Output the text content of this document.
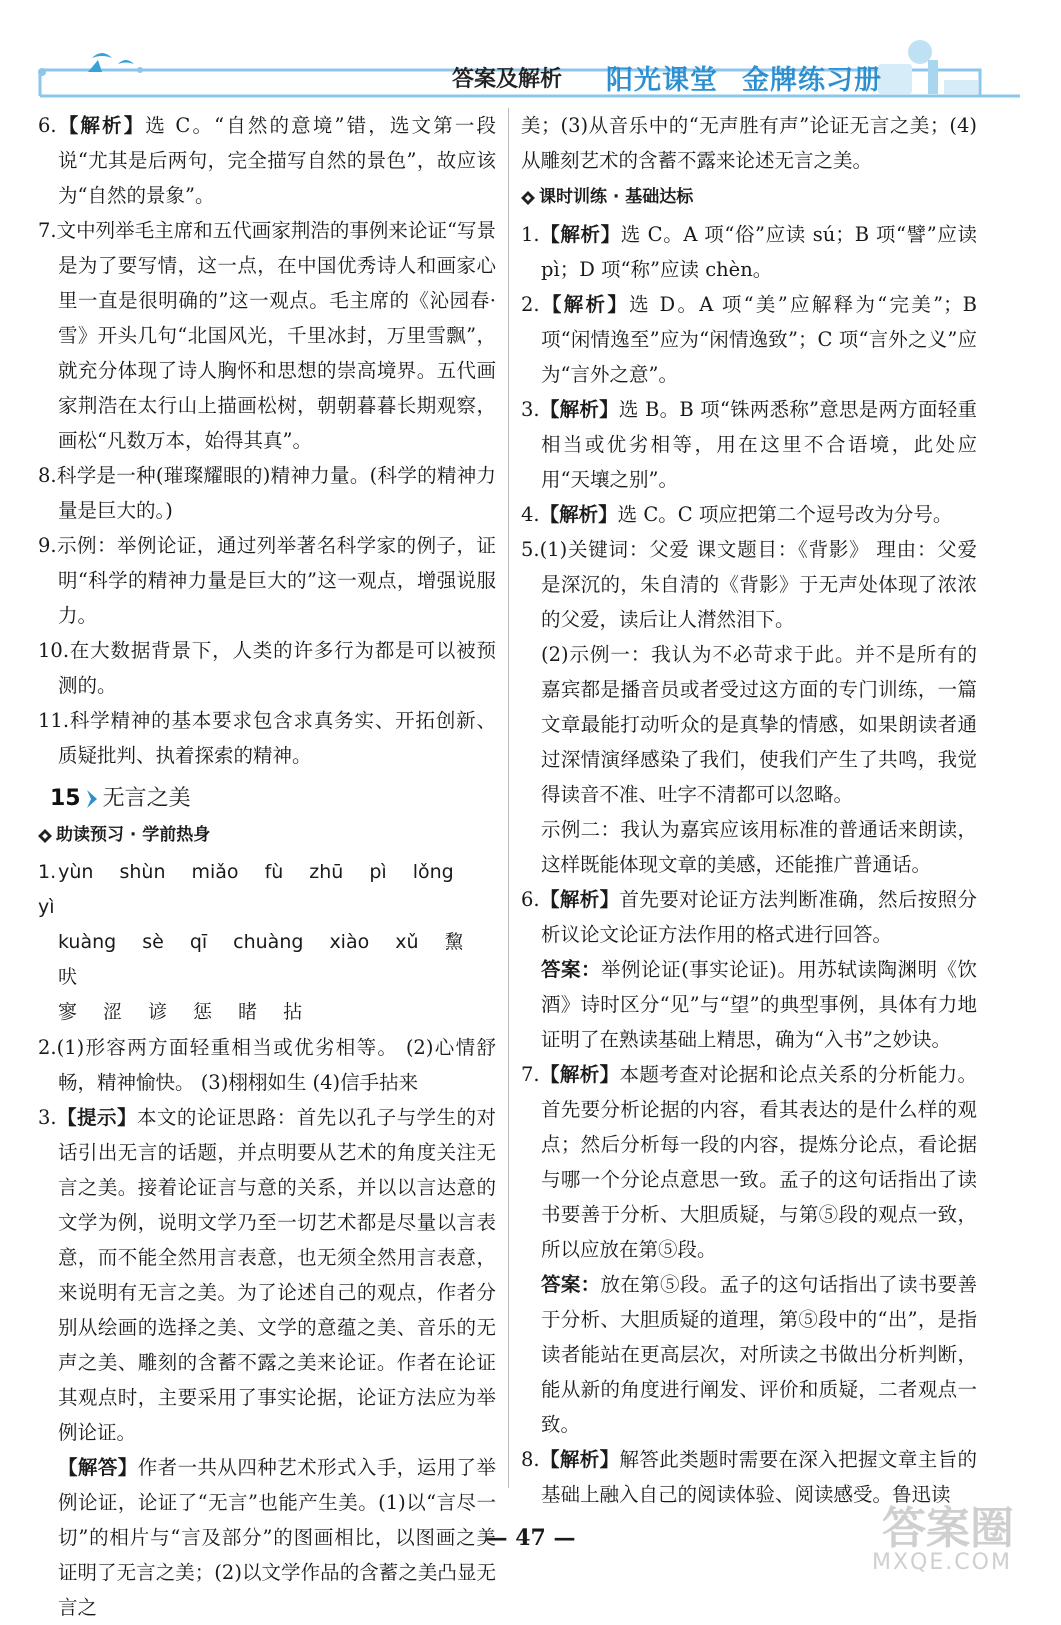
答案及解析 阳光课堂 金牌练习册

6.【解析】选 C。“自然的意境”错，选文第一段说“尤其是后两句，完全描写自然的景色”，故应该为“自然的景象”。

7.文中列举毛主席和五代画家荆浩的事例来论证“写景是为了要写情，这一点，在中国优秀诗人和画家心里一直是很明确的”这一观点。毛主席的《沁园春·雪》开头几句“北国风光，千里冰封，万里雪飘”，就充分体现了诗人胸怀和思想的崇高境界。五代画家荆浩在太行山上描画松树，朝朝暮暮长期观察，画松“凡数万本，始得其真”。

8.科学是一种(璀璨耀眼的)精神力量。(科学的精神力量是巨大的。)

9.示例：举例论证，通过列举著名科学家的例子，证明“科学的精神力量是巨大的”这一观点，增强说服力。

10.在大数据背景下，人类的许多行为都是可以被预测的。

11.科学精神的基本要求包含求真务实、开拓创新、质疑批判、执着探索的精神。

15 无言之美
助读预习 · 学前热身
1. yùn shùn miǎo fù zhū pì lǒngyì
kuàng sè qī chuàng xiào xǔ 黧吠
寥 涩 谚 惩 睹 拈

2.(1)形容两方面轻重相当或优劣相等。 (2)心情舒畅，精神愉快。 (3)栩栩如生 (4)信手拈来

3.【提示】本文的论证思路：首先以孔子与学生的对话引出无言的话题，并点明要从艺术的角度关注无言之美。接着论证言与意的关系，并以以言达意的文学为例，说明文学乃至一切艺术都是尽量以言表意，而不能全然用言表意，也无须全然用言表意，来说明有无言之美。为了论述自己的观点，作者分别从绘画的选择之美、文学的意蕴之美、音乐的无声之美、雕刻的含蓄不露之美来论证。作者在论证其观点时，主要采用了事实论据，论证方法应为举例论证。

【解答】作者一共从四种艺术形式入手，运用了举例论证，论证了“无言”也能产生美。(1)以“言尽一切”的相片与“言及部分”的图画相比，以图画之美证明了无言之美；(2)以文学作品的含蓄之美凸显无言之

美；(3)从音乐中的“无声胜有声”论证无言之美；(4)从雕刻艺术的含蓄不露来论述无言之美。

课时训练 · 基础达标

1.【解析】选 C。A 项“俗”应读 sú；B 项“譬”应读 pì；D 项“称”应读 chèn。

2.【解析】选 D。A 项“美”应解释为“完美”；B 项“闲情逸至”应为“闲情逸致”；C 项“言外之义”应为“言外之意”。

3.【解析】选 B。B 项“铢两悉称”意思是两方面轻重相当或优劣相等，用在这里不合语境，此处应用“天壤之别”。

4.【解析】选 C。C 项应把第二个逗号改为分号。

5.(1)关键词：父爱 课文题目：《背影》 理由：父爱是深沉的，朱自清的《背影》于无声处体现了浓浓的父爱，读后让人潸然泪下。

(2)示例一：我认为不必苛求于此。并不是所有的嘉宾都是播音员或者受过这方面的专门训练，一篇文章最能打动听众的是真挚的情感，如果朗读者通过深情演绎感染了我们，使我们产生了共鸣，我觉得读音不准、吐字不清都可以忽略。

示例二：我认为嘉宾应该用标准的普通话来朗读，这样既能体现文章的美感，还能推广普通话。

6.【解析】首先要对论证方法判断准确，然后按照分析议论文论证方法作用的格式进行回答。

答案：举例论证(事实论证)。用苏轼读陶渊明《饮酒》诗时区分“见”与“望”的典型事例，具体有力地证明了在熟读基础上精思，确为“入书”之妙诀。

7.【解析】本题考查对论据和论点关系的分析能力。首先要分析论据的内容，看其表达的是什么样的观点；然后分析每一段的内容，提炼分论点，看论据与哪一个分论点意思一致。孟子的这句话指出了读书要善于分析、大胆质疑，与第⑤段的观点一致，所以应放在第⑤段。

答案：放在第⑤段。孟子的这句话指出了读书要善于分析、大胆质疑的道理，第⑤段中的“出”，是指读者能站在更高层次，对所读之书做出分析判断，能从新的角度进行阐发、评价和质疑，二者观点一致。

8.【解析】解答此类题时需要在深入把握文章主旨的基础上融入自己的阅读体验、阅读感受。鲁迅读

— 47 —	答案圈
MXQE.COM
